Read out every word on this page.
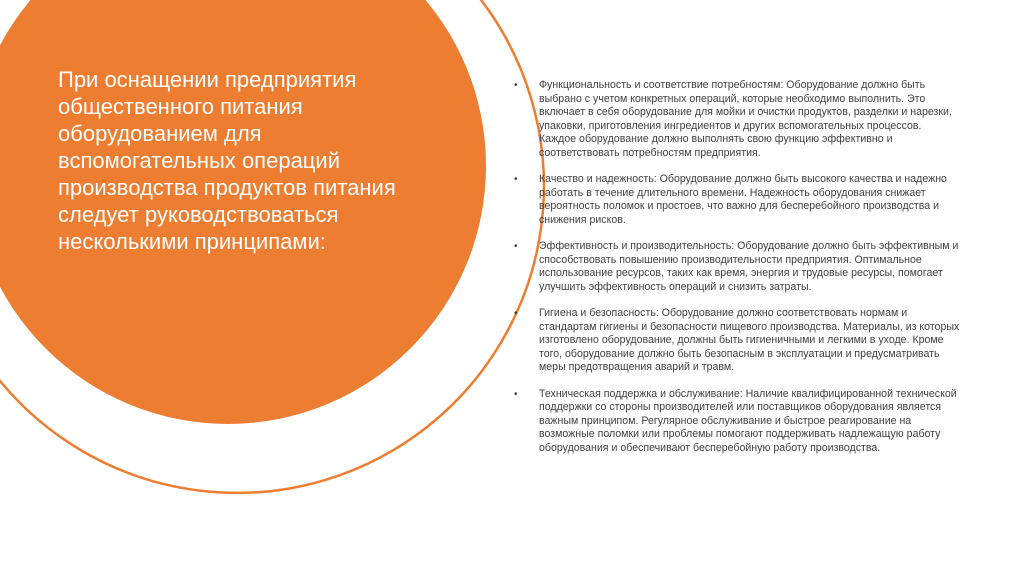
При оснащении предприятия общественного питания оборудованием для вспомогательных операций производства продуктов питания следует руководствоваться несколькими принципами:
• Функциональность и соответствие потребностям: Оборудование должно быть выбрано с учетом конкретных операций, которые необходимо выполнить. Это включает в себя оборудование для мойки и очистки продуктов, разделки и нарезки, упаковки, приготовления ингредиентов и других вспомогательных процессов. Каждое оборудование должно выполнять свою функцию эффективно и соответствовать потребностям предприятия.
• Качество и надежность: Оборудование должно быть высокого качества и надежно работать в течение длительного времени. Надежность оборудования снижает вероятность поломок и простоев, что важно для бесперебойного производства и снижения рисков.
• Эффективность и производительность: Оборудование должно быть эффективным и способствовать повышению производительности предприятия. Оптимальное использование ресурсов, таких как время, энергия и трудовые ресурсы, помогает улучшить эффективность операций и снизить затраты.
• Гигиена и безопасность: Оборудование должно соответствовать нормам и стандартам гигиены и безопасности пищевого производства. Материалы, из которых изготовлено оборудование, должны быть гигиеничными и легкими в уходе. Кроме того, оборудование должно быть безопасным в эксплуатации и предусматривать меры предотвращения аварий и травм.
• Техническая поддержка и обслуживание: Наличие квалифицированной технической поддержки со стороны производителей или поставщиков оборудования является важным принципом. Регулярное обслуживание и быстрое реагирование на возможные поломки или проблемы помогают поддерживать надлежащую работу оборудования и обеспечивают бесперебойную работу производства.
